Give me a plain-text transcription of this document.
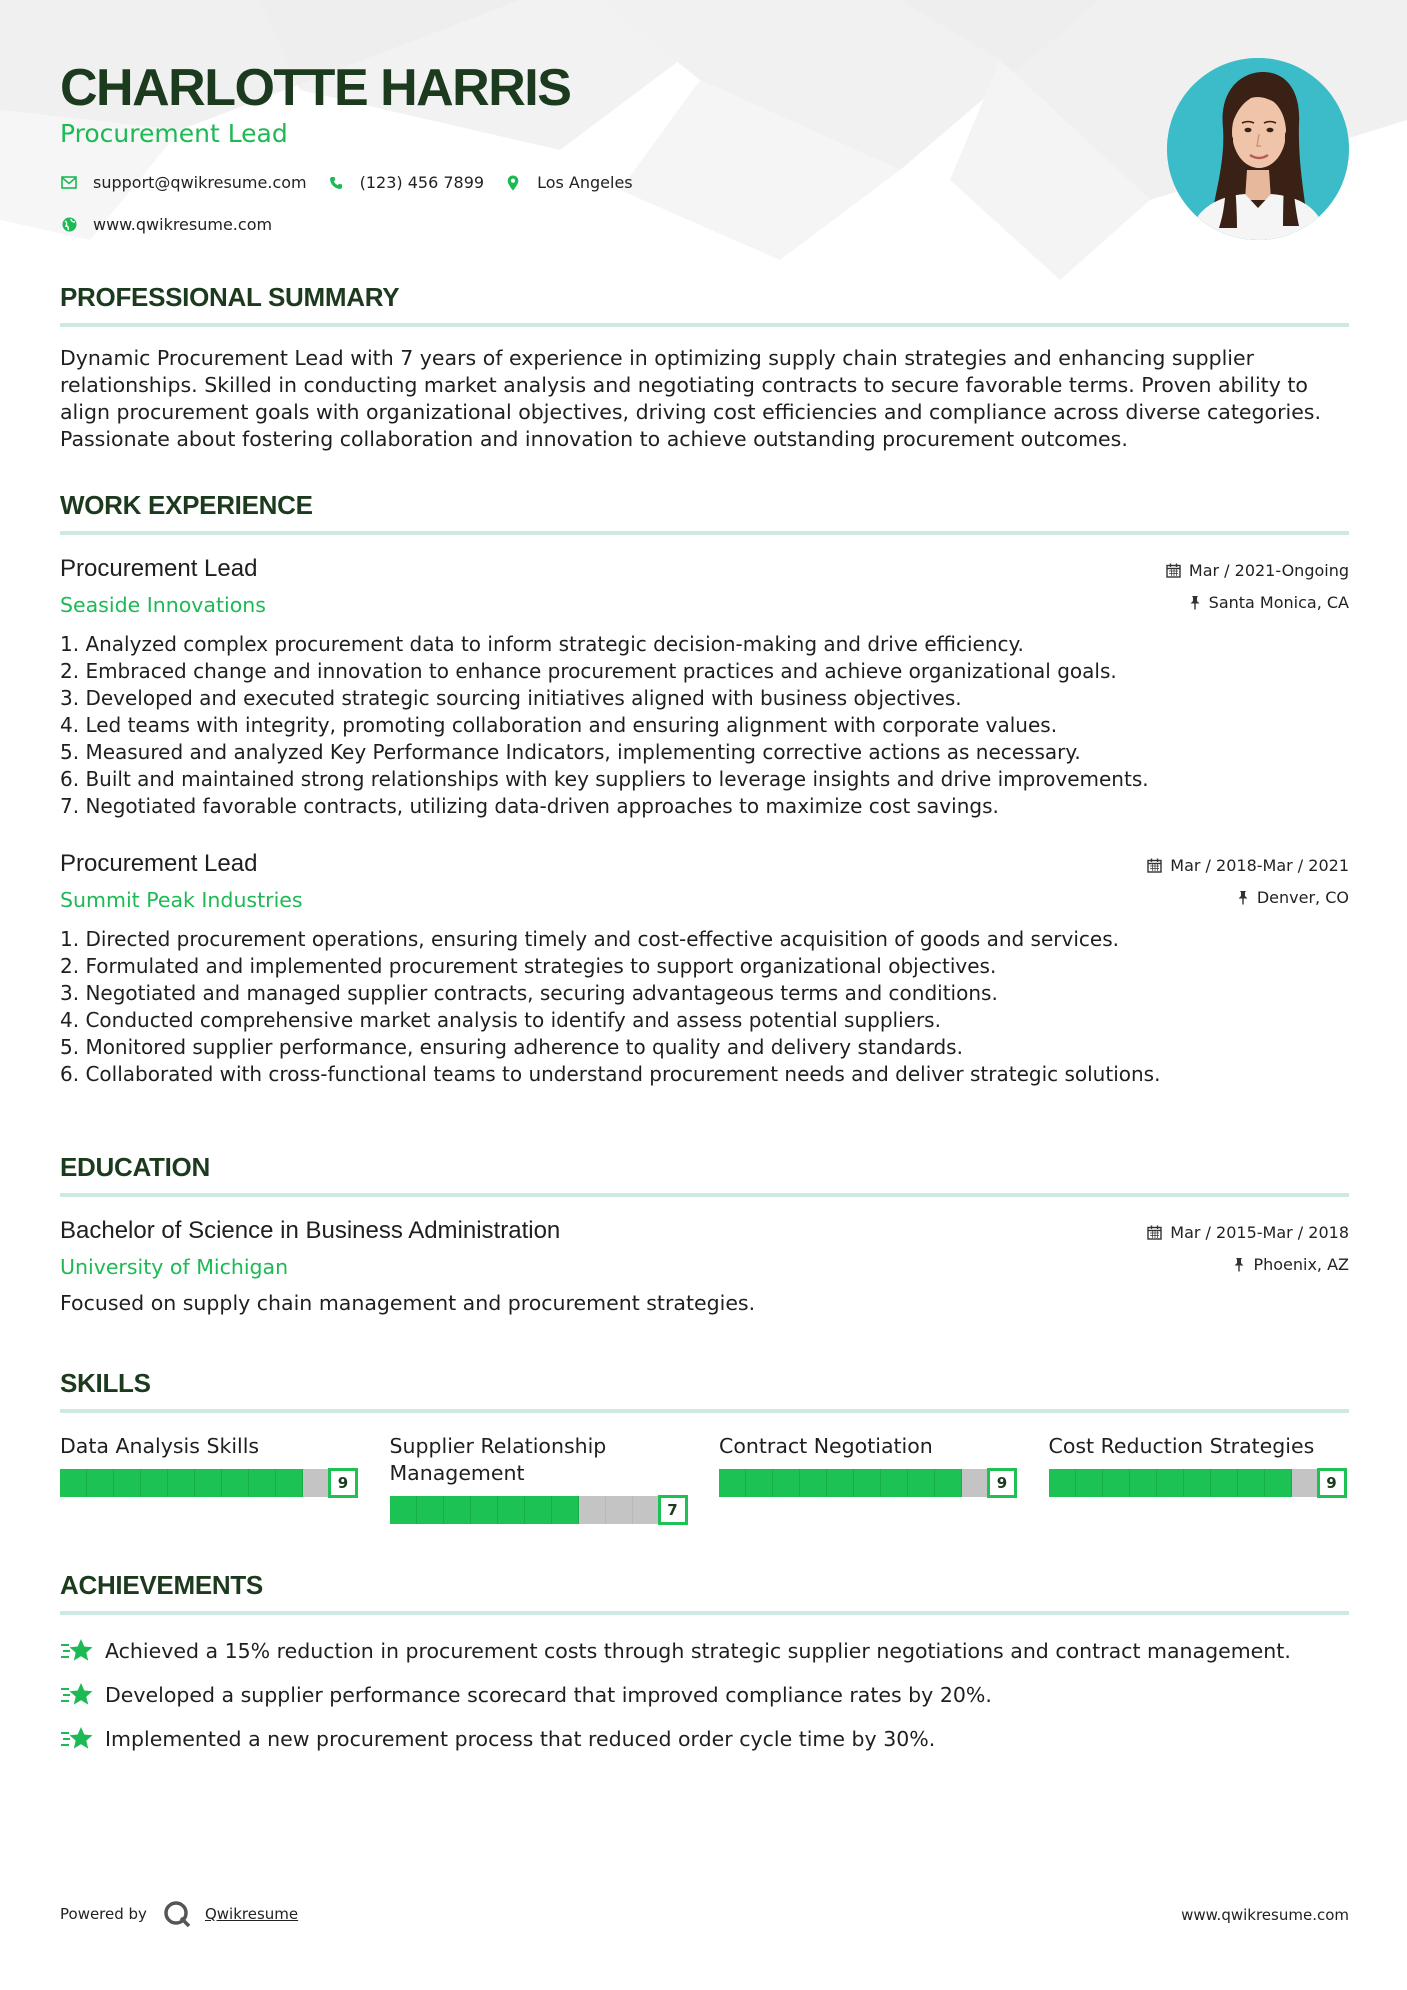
CHARLOTTE HARRIS
Procurement Lead
support@qwikresume.com	(123) 456 7899	Los Angeles
www.qwikresume.com
PROFESSIONAL SUMMARY

Dynamic Procurement Lead with 7 years of experience in optimizing supply chain strategies and enhancing supplier relationships. Skilled in conducting market analysis and negotiating contracts to secure favorable terms. Proven ability to align procurement goals with organizational objectives, driving cost efficiencies and compliance across diverse categories. Passionate about fostering collaboration and innovation to achieve outstanding procurement outcomes.

WORK EXPERIENCE
Procurement Lead
Seaside Innovations
Mar / 2021-Ongoing
Santa Monica, CA
1. Analyzed complex procurement data to inform strategic decision-making and drive efficiency.
2. Embraced change and innovation to enhance procurement practices and achieve organizational goals.
3. Developed and executed strategic sourcing initiatives aligned with business objectives.
4. Led teams with integrity, promoting collaboration and ensuring alignment with corporate values.
5. Measured and analyzed Key Performance Indicators, implementing corrective actions as necessary.
6. Built and maintained strong relationships with key suppliers to leverage insights and drive improvements.
7. Negotiated favorable contracts, utilizing data-driven approaches to maximize cost savings.
Procurement Lead
Summit Peak Industries
Mar / 2018-Mar / 2021
Denver, CO
1. Directed procurement operations, ensuring timely and cost-effective acquisition of goods and services.
2. Formulated and implemented procurement strategies to support organizational objectives.
3. Negotiated and managed supplier contracts, securing advantageous terms and conditions.
4. Conducted comprehensive market analysis to identify and assess potential suppliers.
5. Monitored supplier performance, ensuring adherence to quality and delivery standards.
6. Collaborated with cross-functional teams to understand procurement needs and deliver strategic solutions.
EDUCATION
Bachelor of Science in Business Administration
University of Michigan
Mar / 2015-Mar / 2018
Phoenix, AZ

Focused on supply chain management and procurement strategies.

SKILLS
Data Analysis Skills
9
Supplier Relationship Management
7
Contract Negotiation
9
Cost Reduction Strategies
9
ACHIEVEMENTS
Achieved a 15% reduction in procurement costs through strategic supplier negotiations and contract management.
Developed a supplier performance scorecard that improved compliance rates by 20%.
Implemented a new procurement process that reduced order cycle time by 30%.
Powered by	Qwikresume	www.qwikresume.com
